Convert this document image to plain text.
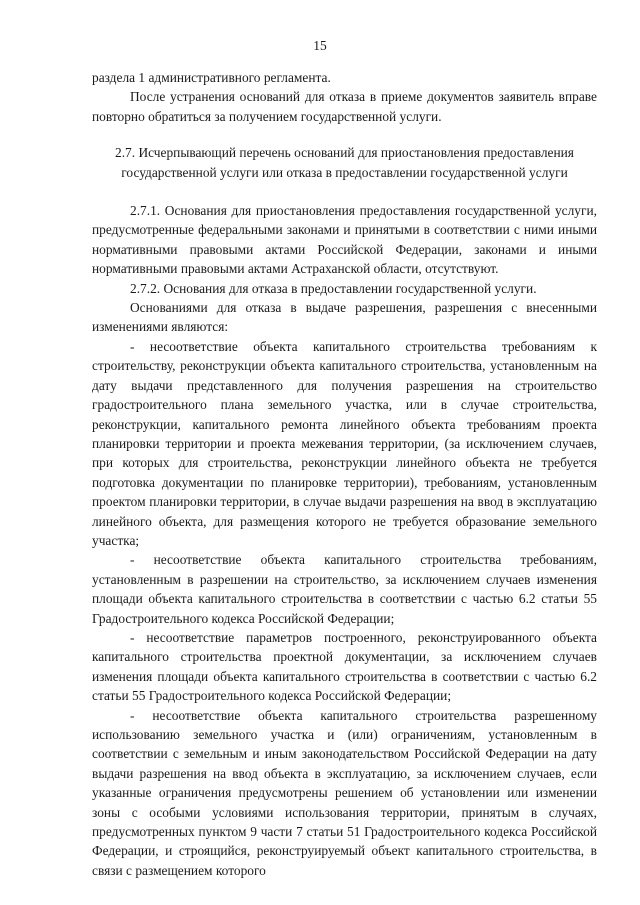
15

раздела 1 административного регламента.

После устранения оснований для отказа в приеме документов заявитель вправе повторно обратиться за получением государственной услуги.

2.7. Исчерпывающий перечень оснований для приостановления предоставления государственной услуги или отказа в предоставлении государственной услуги

2.7.1. Основания для приостановления предоставления государственной услуги, предусмотренные федеральными законами и принятыми в соответствии с ними иными нормативными правовыми актами Российской Федерации, законами и иными нормативными правовыми актами Астраханской области, отсутствуют.

2.7.2. Основания для отказа в предоставлении государственной услуги.

Основаниями для отказа в выдаче разрешения, разрешения с внесенными изменениями являются:

- несоответствие объекта капитального строительства требованиям к строительству, реконструкции объекта капитального строительства, установленным на дату выдачи представленного для получения разрешения на строительство градостроительного плана земельного участка, или в случае строительства, реконструкции, капитального ремонта линейного объекта требованиям проекта планировки территории и проекта межевания территории, (за исключением случаев, при которых для строительства, реконструкции линейного объекта не требуется подготовка документации по планировке территории), требованиям, установленным проектом планировки территории, в случае выдачи разрешения на ввод в эксплуатацию линейного объекта, для размещения которого не требуется образование земельного участка;

- несоответствие объекта капитального строительства требованиям, установленным в разрешении на строительство, за исключением случаев изменения площади объекта капитального строительства в соответствии с частью 6.2 статьи 55 Градостроительного кодекса Российской Федерации;

- несоответствие параметров построенного, реконструированного объекта капитального строительства проектной документации, за исключением случаев изменения площади объекта капитального строительства в соответствии с частью 6.2 статьи 55 Градостроительного кодекса Российской Федерации;

- несоответствие объекта капитального строительства разрешенному использованию земельного участка и (или) ограничениям, установленным в соответствии с земельным и иным законодательством Российской Федерации на дату выдачи разрешения на ввод объекта в эксплуатацию, за исключением случаев, если указанные ограничения предусмотрены решением об установлении или изменении зоны с особыми условиями использования территории, принятым в случаях, предусмотренных пунктом 9 части 7 статьи 51 Градостроительного кодекса Российской Федерации, и строящийся, реконструируемый объект капитального строительства, в связи с размещением которого
